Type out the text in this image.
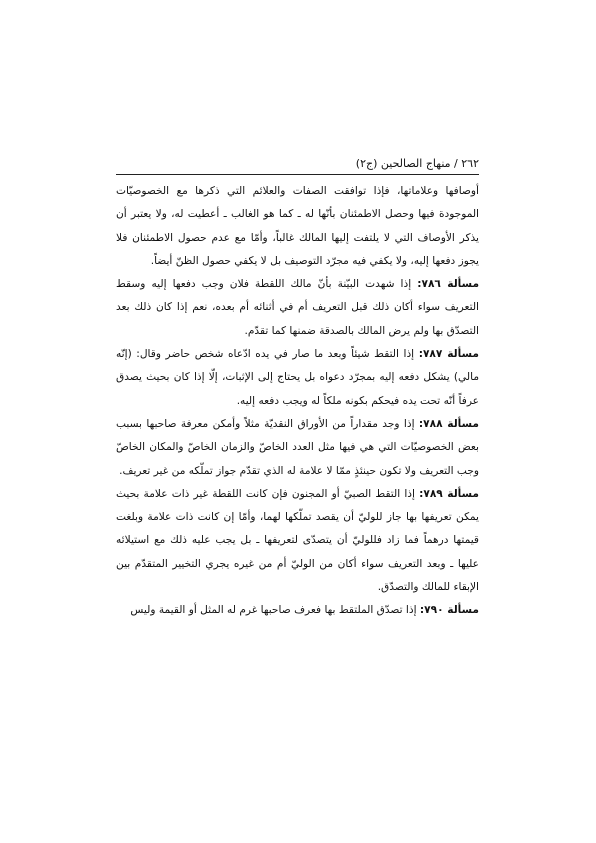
٢٦٢ / منهاج الصالحين (ج٢)

أوصافها وعلاماتها، فإذا توافقت الصفات والعلائم التي ذكرها مع الخصوصيّات الموجودة فيها وحصل الاطمئنان بأنّها له ـ كما هو الغالب ـ أعطيت له، ولا يعتبر أن يذكر الأوصاف التي لا يلتفت إليها المالك غالباً، وأمّا مع عدم حصول الاطمئنان فلا يجوز دفعها إليه، ولا يكفي فيه مجرّد التوصيف بل لا يكفي حصول الظنّ أيضاً.

مسألة ٧٨٦: إذا شهدت البيّنة بأنّ مالك اللقطة فلان وجب دفعها إليه وسقط التعريف سواء أكان ذلك قبل التعريف أم في أثنائه أم بعده، نعم إذا كان ذلك بعد التصدّق بها ولم يرض المالك بالصدقة ضمنها كما تقدّم.

مسألة ٧٨٧: إذا التقط شيئاً وبعد ما صار في يده ادّعاه شخص حاضر وقال: (إنّه مالي) يشكل دفعه إليه بمجرّد دعواه بل يحتاج إلى الإثبات، إلّا إذا كان بحيث يصدق عرفاً أنّه تحت يده فيحكم بكونه ملكاً له ويجب دفعه إليه.

مسألة ٧٨٨: إذا وجد مقداراً من الأوراق النقديّة مثلاً وأمكن معرفة صاحبها بسبب بعض الخصوصيّات التي هي فيها مثل العدد الخاصّ والزمان الخاصّ والمكان الخاصّ وجب التعريف ولا تكون حينئذٍ ممّا لا علامة له الذي تقدّم جواز تملّكه من غير تعريف.

مسألة ٧٨٩: إذا التقط الصبيّ أو المجنون فإن كانت اللقطة غير ذات علامة بحيث يمكن تعريفها بها جاز للوليّ أن يقصد تملّكها لهما، وأمّا إن كانت ذات علامة وبلغت قيمتها درهماً فما زاد فللوليّ أن يتصدّى لتعريفها ـ بل يجب عليه ذلك مع استيلائه عليها ـ وبعد التعريف سواء أكان من الوليّ أم من غيره يجري التخيير المتقدّم بين الإبقاء للمالك والتصدّق.

مسألة ٧٩٠: إذا تصدّق الملتقط بها فعرف صاحبها غرم له المثل أو القيمة وليس
